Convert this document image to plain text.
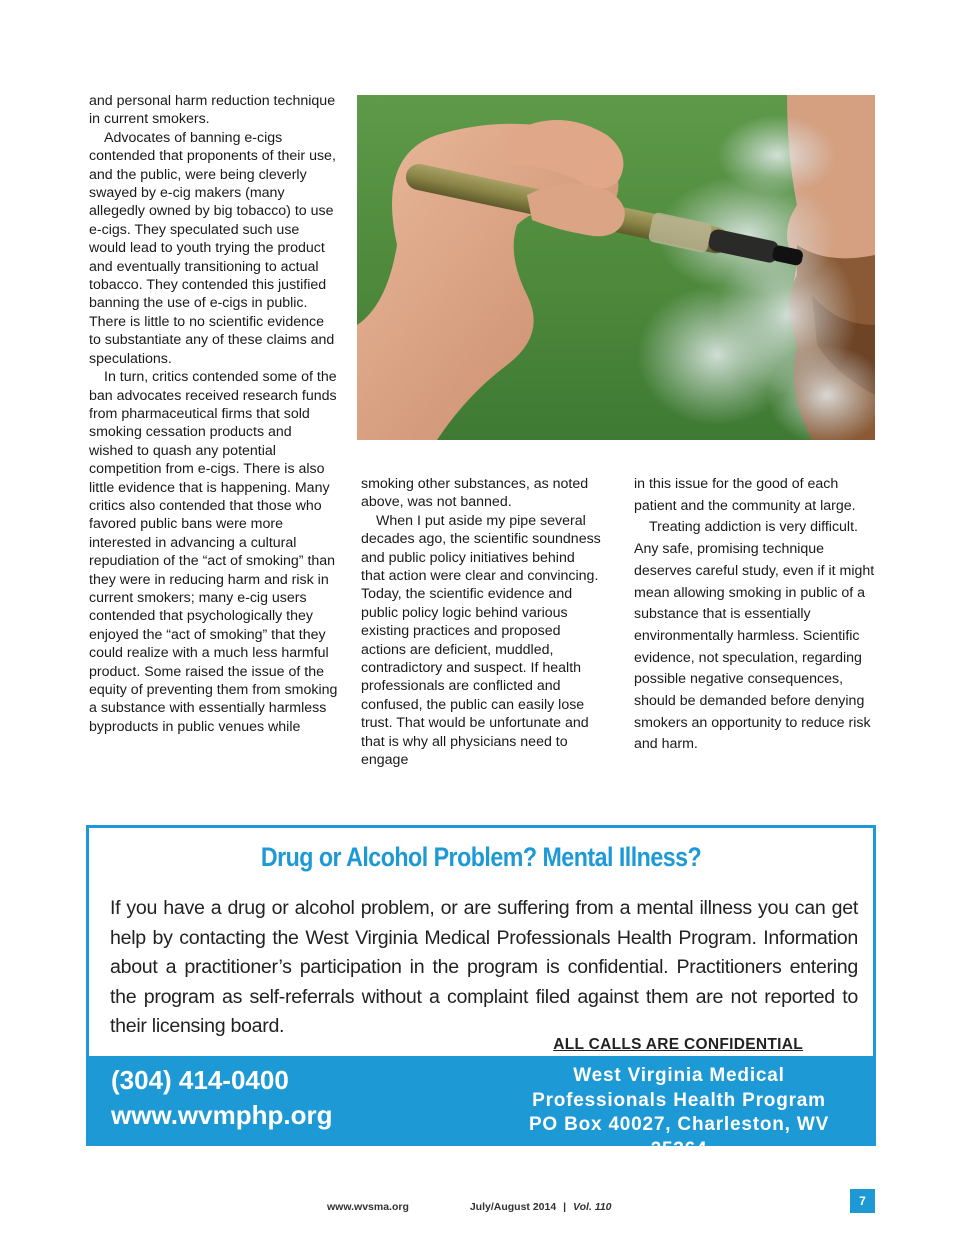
and personal harm reduction technique in current smokers.

Advocates of banning e-cigs contended that proponents of their use, and the public, were being cleverly swayed by e-cig makers (many allegedly owned by big tobacco) to use e-cigs. They speculated such use would lead to youth trying the product and eventually transitioning to actual tobacco. They contended this justified banning the use of e-cigs in public. There is little to no scientific evidence to substantiate any of these claims and speculations.

In turn, critics contended some of the ban advocates received research funds from pharmaceutical firms that sold smoking cessation products and wished to quash any potential competition from e-cigs. There is also little evidence that is happening. Many critics also contended that those who favored public bans were more interested in advancing a cultural repudiation of the “act of smoking” than they were in reducing harm and risk in current smokers; many e-cig users contended that psychologically they enjoyed the “act of smoking” that they could realize with a much less harmful product. Some raised the issue of the equity of preventing them from smoking a substance with essentially harmless byproducts in public venues while

smoking other substances, as noted above, was not banned.

When I put aside my pipe several decades ago, the scientific soundness and public policy initiatives behind that action were clear and convincing. Today, the scientific evidence and public policy logic behind various existing practices and proposed actions are deficient, muddled, contradictory and suspect. If health professionals are conflicted and confused, the public can easily lose trust. That would be unfortunate and that is why all physicians need to engage

in this issue for the good of each patient and the community at large.

Treating addiction is very difficult. Any safe, promising technique deserves careful study, even if it might mean allowing smoking in public of a substance that is essentially environmentally harmless. Scientific evidence, not speculation, regarding possible negative consequences, should be demanded before denying smokers an opportunity to reduce risk and harm.

Drug or Alcohol Problem? Mental Illness?
If you have a drug or alcohol problem, or are suffering from a mental illness you can get help by contacting the West Virginia Medical Professionals Health Program. Information about a practitioner’s participation in the program is confidential. Practitioners entering the program as self-referrals without a complaint filed against them are not reported to their licensing board.
ALL CALLS ARE CONFIDENTIAL
(304) 414-0400
www.wvmphp.org
West Virginia Medical
Professionals Health Program
PO Box 40027, Charleston, WV 25364
www.wvsma.org	July/August 2014 | Vol. 110	7
